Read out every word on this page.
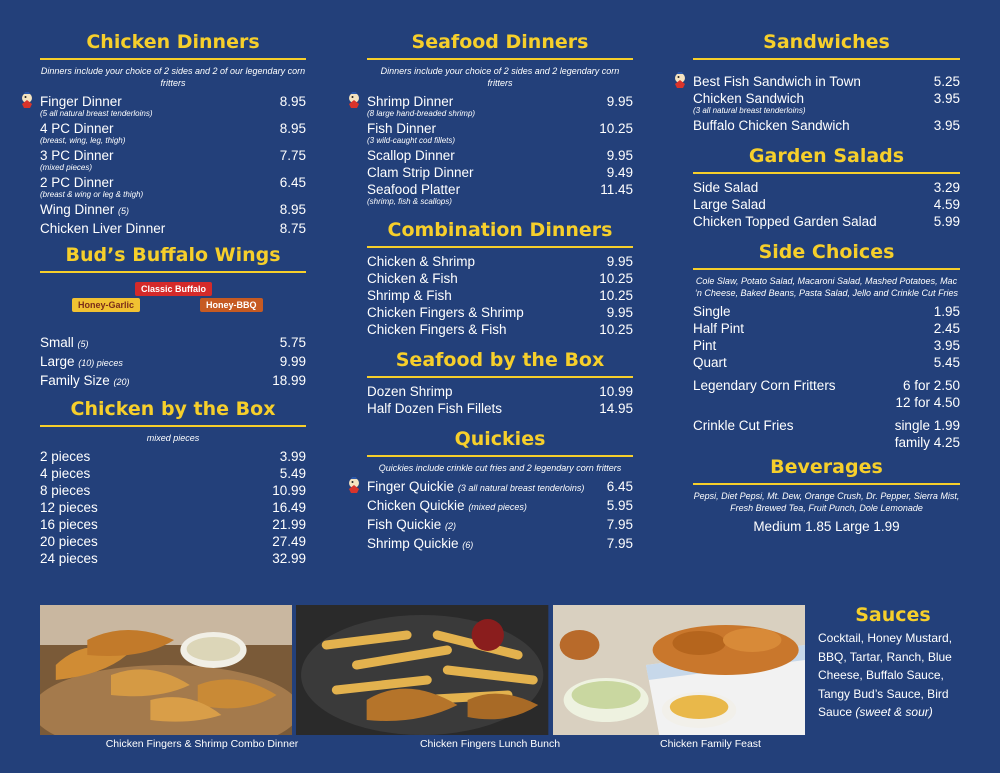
Chicken Dinners
Dinners include your choice of 2 sides and 2 of our legendary corn fritters
Finger Dinner	8.95
(5 all natural breast tenderloins)
4 PC Dinner	8.95
(breast, wing, leg, thigh)
3 PC Dinner	7.75
(mixed pieces)
2 PC Dinner	6.45
(breast & wing or leg & thigh)
Wing Dinner (5)	8.95
Chicken Liver Dinner	8.75
Bud’s Buffalo Wings
Classic Buffalo
Honey-Garlic	Honey-BBQ
Small (5)	5.75
Large (10) pieces	9.99
Family Size (20)	18.99
Chicken by the Box
mixed pieces
2 pieces	3.99
4 pieces	5.49
8 pieces	10.99
12 pieces	16.49
16 pieces	21.99
20 pieces	27.49
24 pieces	32.99
Seafood Dinners
Dinners include your choice of 2 sides and 2 legendary corn fritters
Shrimp Dinner	9.95
(8 large hand-breaded shrimp)
Fish Dinner	10.25
(3 wild-caught cod fillets)
Scallop Dinner	9.95
Clam Strip Dinner	9.49
Seafood Platter	11.45
(shrimp, fish & scallops)
Combination Dinners
Chicken & Shrimp	9.95
Chicken & Fish	10.25
Shrimp & Fish	10.25
Chicken Fingers & Shrimp	9.95
Chicken Fingers & Fish	10.25
Seafood by the Box
Dozen Shrimp	10.99
Half Dozen Fish Fillets	14.95
Quickies
Quickies include crinkle cut fries and 2 legendary corn fritters
Finger Quickie (3 all natural breast tenderloins) 6.45
Chicken Quickie (mixed pieces)	5.95
Fish Quickie (2)	7.95
Shrimp Quickie (6)	7.95
Sandwiches
Best Fish Sandwich in Town	5.25
Chicken Sandwich	3.95
(3 all natural breast tenderloins)
Buffalo Chicken Sandwich	3.95
Garden Salads
Side Salad	3.29
Large Salad	4.59
Chicken Topped Garden Salad	5.99
Side Choices
Cole Slaw, Potato Salad, Macaroni Salad, Mashed Potatoes, Mac ‘n Cheese, Baked Beans, Pasta Salad, Jello and Crinkle Cut Fries
Single	1.95
Half Pint	2.45
Pint	3.95
Quart	5.45
Legendary Corn Fritters	6 for 2.50
12 for 4.50
Crinkle Cut Fries	single 1.99
family 4.25
Beverages
Pepsi, Diet Pepsi, Mt. Dew, Orange Crush, Dr. Pepper, Sierra Mist, Fresh Brewed Tea, Fruit Punch, Dole Lemonade
Medium 1.85 Large 1.99
Chicken Fingers & Shrimp Combo Dinner	Chicken Fingers Lunch Bunch	Chicken Family Feast
Sauces
Cocktail, Honey Mustard, BBQ, Tartar, Ranch, Blue Cheese, Buffalo Sauce, Tangy Bud’s Sauce, Bird Sauce (sweet & sour)
